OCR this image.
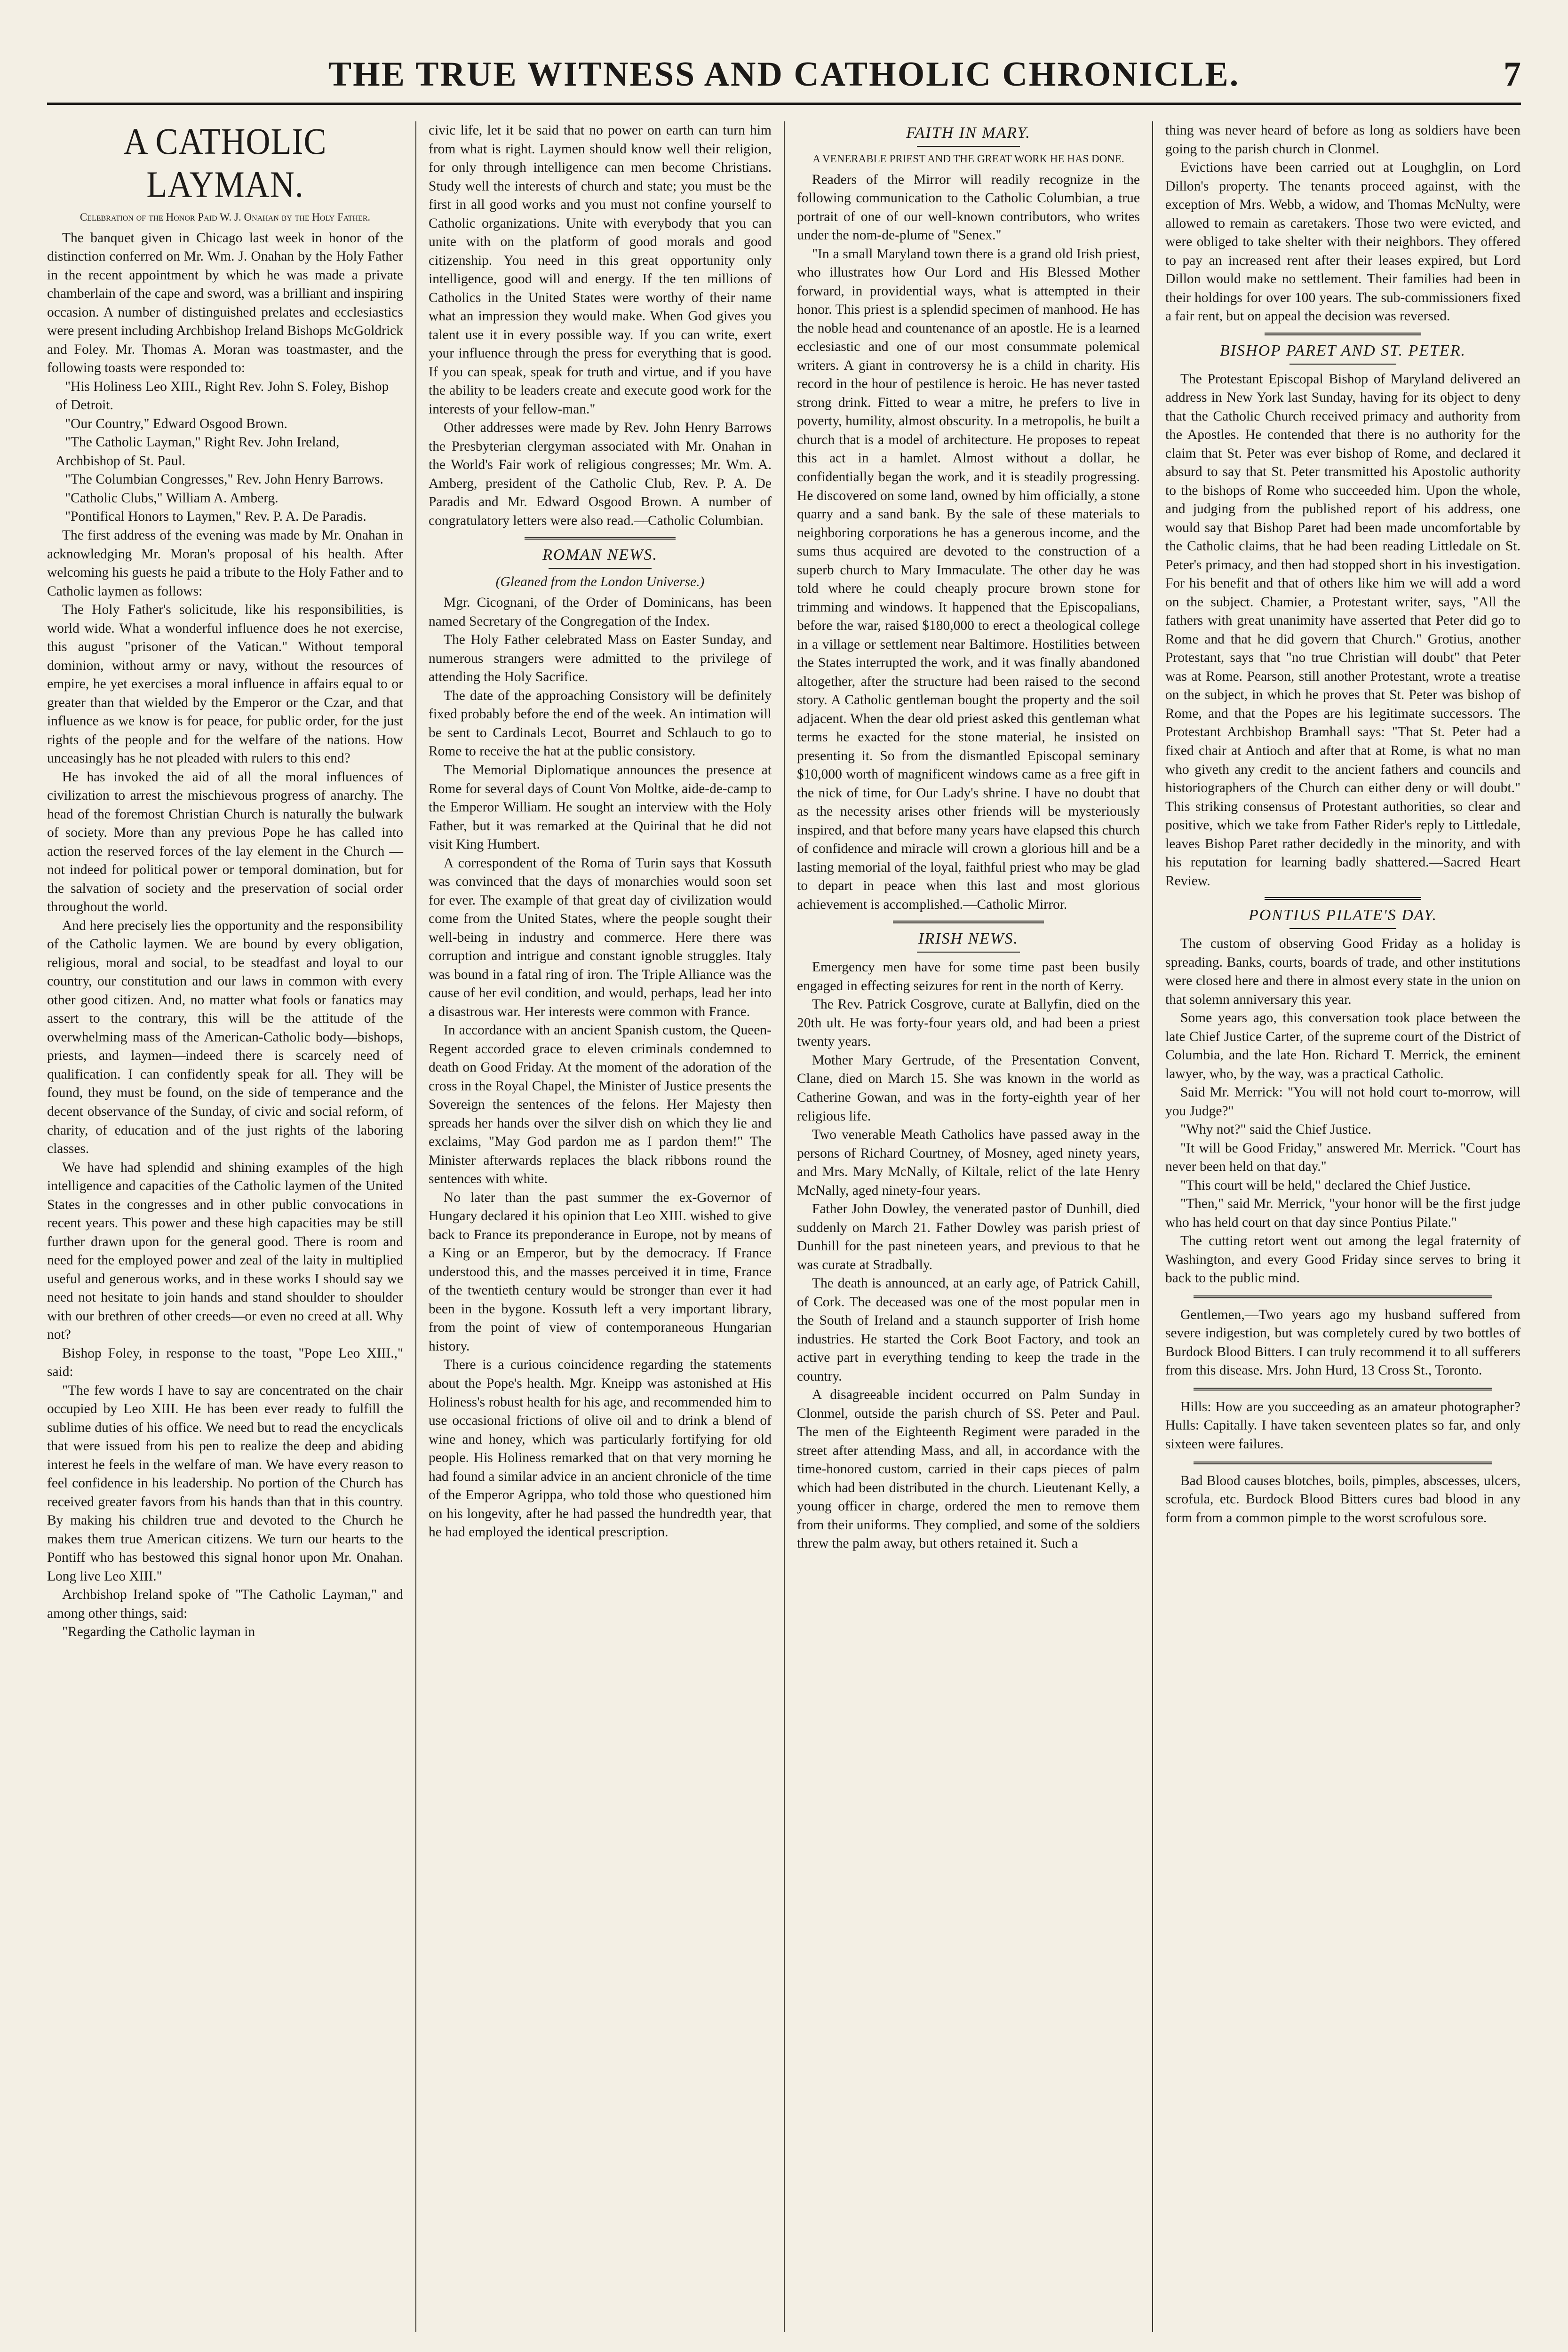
THE TRUE WITNESS AND CATHOLIC CHRONICLE.	7
A CATHOLIC LAYMAN.
Celebration of the Honor Paid W. J. Onahan by the Holy Father.

The banquet given in Chicago last week in honor of the distinction conferred on Mr. Wm. J. Onahan by the Holy Father in the recent appointment by which he was made a private chamberlain of the cape and sword, was a brilliant and inspiring occasion. A number of distinguished prelates and ecclesiastics were present including Archbishop Ireland Bishops McGoldrick and Foley. Mr. Thomas A. Moran was toastmaster, and the following toasts were responded to:

"His Holiness Leo XIII., Right Rev. John S. Foley, Bishop of Detroit.

"Our Country," Edward Osgood Brown.

"The Catholic Layman," Right Rev. John Ireland, Archbishop of St. Paul.

"The Columbian Congresses," Rev. John Henry Barrows.

"Catholic Clubs," William A. Amberg.

"Pontifical Honors to Laymen," Rev. P. A. De Paradis.

The first address of the evening was made by Mr. Onahan in acknowledging Mr. Moran's proposal of his health. After welcoming his guests he paid a tribute to the Holy Father and to Catholic laymen as follows:

The Holy Father's solicitude, like his responsibilities, is world wide. What a wonderful influence does he not exercise, this august "prisoner of the Vatican." Without temporal dominion, without army or navy, without the resources of empire, he yet exercises a moral influence in affairs equal to or greater than that wielded by the Emperor or the Czar, and that influence as we know is for peace, for public order, for the just rights of the people and for the welfare of the nations. How unceasingly has he not pleaded with rulers to this end?

He has invoked the aid of all the moral influences of civilization to arrest the mischievous progress of anarchy. The head of the foremost Christian Church is naturally the bulwark of society. More than any previous Pope he has called into action the reserved forces of the lay element in the Church —not indeed for political power or temporal domination, but for the salvation of society and the preservation of social order throughout the world.

And here precisely lies the opportunity and the responsibility of the Catholic laymen. We are bound by every obligation, religious, moral and social, to be steadfast and loyal to our country, our constitution and our laws in common with every other good citizen. And, no matter what fools or fanatics may assert to the contrary, this will be the attitude of the overwhelming mass of the American-Catholic body—bishops, priests, and laymen—indeed there is scarcely need of qualification. I can confidently speak for all. They will be found, they must be found, on the side of temperance and the decent observance of the Sunday, of civic and social reform, of charity, of education and of the just rights of the laboring classes.

We have had splendid and shining examples of the high intelligence and capacities of the Catholic laymen of the United States in the congresses and in other public convocations in recent years. This power and these high capacities may be still further drawn upon for the general good. There is room and need for the employed power and zeal of the laity in multiplied useful and generous works, and in these works I should say we need not hesitate to join hands and stand shoulder to shoulder with our brethren of other creeds—or even no creed at all. Why not?

Bishop Foley, in response to the toast, "Pope Leo XIII.," said:

"The few words I have to say are concentrated on the chair occupied by Leo XIII. He has been ever ready to fulfill the sublime duties of his office. We need but to read the encyclicals that were issued from his pen to realize the deep and abiding interest he feels in the welfare of man. We have every reason to feel confidence in his leadership. No portion of the Church has received greater favors from his hands than that in this country. By making his children true and devoted to the Church he makes them true American citizens. We turn our hearts to the Pontiff who has bestowed this signal honor upon Mr. Onahan. Long live Leo XIII."

Archbishop Ireland spoke of "The Catholic Layman," and among other things, said:

"Regarding the Catholic layman in

civic life, let it be said that no power on earth can turn him from what is right. Laymen should know well their religion, for only through intelligence can men become Christians. Study well the interests of church and state; you must be the first in all good works and you must not confine yourself to Catholic organizations. Unite with everybody that you can unite with on the platform of good morals and good citizenship. You need in this great opportunity only intelligence, good will and energy. If the ten millions of Catholics in the United States were worthy of their name what an impression they would make. When God gives you talent use it in every possible way. If you can write, exert your influence through the press for everything that is good. If you can speak, speak for truth and virtue, and if you have the ability to be leaders create and execute good work for the interests of your fellow-man."

Other addresses were made by Rev. John Henry Barrows the Presbyterian clergyman associated with Mr. Onahan in the World's Fair work of religious congresses; Mr. Wm. A. Amberg, president of the Catholic Club, Rev. P. A. De Paradis and Mr. Edward Osgood Brown. A number of congratulatory letters were also read.—Catholic Columbian.

ROMAN NEWS.
(Gleaned from the London Universe.)

Mgr. Cicognani, of the Order of Dominicans, has been named Secretary of the Congregation of the Index.

The Holy Father celebrated Mass on Easter Sunday, and numerous strangers were admitted to the privilege of attending the Holy Sacrifice.

The date of the approaching Consistory will be definitely fixed probably before the end of the week. An intimation will be sent to Cardinals Lecot, Bourret and Schlauch to go to Rome to receive the hat at the public consistory.

The Memorial Diplomatique announces the presence at Rome for several days of Count Von Moltke, aide-de-camp to the Emperor William. He sought an interview with the Holy Father, but it was remarked at the Quirinal that he did not visit King Humbert.

A correspondent of the Roma of Turin says that Kossuth was convinced that the days of monarchies would soon set for ever. The example of that great day of civilization would come from the United States, where the people sought their well-being in industry and commerce. Here there was corruption and intrigue and constant ignoble struggles. Italy was bound in a fatal ring of iron. The Triple Alliance was the cause of her evil condition, and would, perhaps, lead her into a disastrous war. Her interests were common with France.

In accordance with an ancient Spanish custom, the Queen-Regent accorded grace to eleven criminals condemned to death on Good Friday. At the moment of the adoration of the cross in the Royal Chapel, the Minister of Justice presents the Sovereign the sentences of the felons. Her Majesty then spreads her hands over the silver dish on which they lie and exclaims, "May God pardon me as I pardon them!" The Minister afterwards replaces the black ribbons round the sentences with white.

No later than the past summer the ex-Governor of Hungary declared it his opinion that Leo XIII. wished to give back to France its preponderance in Europe, not by means of a King or an Emperor, but by the democracy. If France understood this, and the masses perceived it in time, France of the twentieth century would be stronger than ever it had been in the bygone. Kossuth left a very important library, from the point of view of contemporaneous Hungarian history.

There is a curious coincidence regarding the statements about the Pope's health. Mgr. Kneipp was astonished at His Holiness's robust health for his age, and recommended him to use occasional frictions of olive oil and to drink a blend of wine and honey, which was particularly fortifying for old people. His Holiness remarked that on that very morning he had found a similar advice in an ancient chronicle of the time of the Emperor Agrippa, who told those who questioned him on his longevity, after he had passed the hundredth year, that he had employed the identical prescription.

FAITH IN MARY.
A VENERABLE PRIEST AND THE GREAT WORK HE HAS DONE.

Readers of the Mirror will readily recognize in the following communication to the Catholic Columbian, a true portrait of one of our well-known contributors, who writes under the nom-de-plume of "Senex."

"In a small Maryland town there is a grand old Irish priest, who illustrates how Our Lord and His Blessed Mother forward, in providential ways, what is attempted in their honor. This priest is a splendid specimen of manhood. He has the noble head and countenance of an apostle. He is a learned ecclesiastic and one of our most consummate polemical writers. A giant in controversy he is a child in charity. His record in the hour of pestilence is heroic. He has never tasted strong drink. Fitted to wear a mitre, he prefers to live in poverty, humility, almost obscurity. In a metropolis, he built a church that is a model of architecture. He proposes to repeat this act in a hamlet. Almost without a dollar, he confidentially began the work, and it is steadily progressing. He discovered on some land, owned by him officially, a stone quarry and a sand bank. By the sale of these materials to neighboring corporations he has a generous income, and the sums thus acquired are devoted to the construction of a superb church to Mary Immaculate. The other day he was told where he could cheaply procure brown stone for trimming and windows. It happened that the Episcopalians, before the war, raised $180,000 to erect a theological college in a village or settlement near Baltimore. Hostilities between the States interrupted the work, and it was finally abandoned altogether, after the structure had been raised to the second story. A Catholic gentleman bought the property and the soil adjacent. When the dear old priest asked this gentleman what terms he exacted for the stone material, he insisted on presenting it. So from the dismantled Episcopal seminary $10,000 worth of magnificent windows came as a free gift in the nick of time, for Our Lady's shrine. I have no doubt that as the necessity arises other friends will be mysteriously inspired, and that before many years have elapsed this church of confidence and miracle will crown a glorious hill and be a lasting memorial of the loyal, faithful priest who may be glad to depart in peace when this last and most glorious achievement is accomplished.—Catholic Mirror.

IRISH NEWS.

Emergency men have for some time past been busily engaged in effecting seizures for rent in the north of Kerry.

The Rev. Patrick Cosgrove, curate at Ballyfin, died on the 20th ult. He was forty-four years old, and had been a priest twenty years.

Mother Mary Gertrude, of the Presentation Convent, Clane, died on March 15. She was known in the world as Catherine Gowan, and was in the forty-eighth year of her religious life.

Two venerable Meath Catholics have passed away in the persons of Richard Courtney, of Mosney, aged ninety years, and Mrs. Mary McNally, of Kiltale, relict of the late Henry McNally, aged ninety-four years.

Father John Dowley, the venerated pastor of Dunhill, died suddenly on March 21. Father Dowley was parish priest of Dunhill for the past nineteen years, and previous to that he was curate at Stradbally.

The death is announced, at an early age, of Patrick Cahill, of Cork. The deceased was one of the most popular men in the South of Ireland and a staunch supporter of Irish home industries. He started the Cork Boot Factory, and took an active part in everything tending to keep the trade in the country.

A disagreeable incident occurred on Palm Sunday in Clonmel, outside the parish church of SS. Peter and Paul. The men of the Eighteenth Regiment were paraded in the street after attending Mass, and all, in accordance with the time-honored custom, carried in their caps pieces of palm which had been distributed in the church. Lieutenant Kelly, a young officer in charge, ordered the men to remove them from their uniforms. They complied, and some of the soldiers threw the palm away, but others retained it. Such a

thing was never heard of before as long as soldiers have been going to the parish church in Clonmel.

Evictions have been carried out at Loughglin, on Lord Dillon's property. The tenants proceed against, with the exception of Mrs. Webb, a widow, and Thomas McNulty, were allowed to remain as caretakers. Those two were evicted, and were obliged to take shelter with their neighbors. They offered to pay an increased rent after their leases expired, but Lord Dillon would make no settlement. Their families had been in their holdings for over 100 years. The sub-commissioners fixed a fair rent, but on appeal the decision was reversed.

BISHOP PARET AND ST. PETER.

The Protestant Episcopal Bishop of Maryland delivered an address in New York last Sunday, having for its object to deny that the Catholic Church received primacy and authority from the Apostles. He contended that there is no authority for the claim that St. Peter was ever bishop of Rome, and declared it absurd to say that St. Peter transmitted his Apostolic authority to the bishops of Rome who succeeded him. Upon the whole, and judging from the published report of his address, one would say that Bishop Paret had been made uncomfortable by the Catholic claims, that he had been reading Littledale on St. Peter's primacy, and then had stopped short in his investigation. For his benefit and that of others like him we will add a word on the subject. Chamier, a Protestant writer, says, "All the fathers with great unanimity have asserted that Peter did go to Rome and that he did govern that Church." Grotius, another Protestant, says that "no true Christian will doubt" that Peter was at Rome. Pearson, still another Protestant, wrote a treatise on the subject, in which he proves that St. Peter was bishop of Rome, and that the Popes are his legitimate successors. The Protestant Archbishop Bramhall says: "That St. Peter had a fixed chair at Antioch and after that at Rome, is what no man who giveth any credit to the ancient fathers and councils and historiographers of the Church can either deny or will doubt." This striking consensus of Protestant authorities, so clear and positive, which we take from Father Rider's reply to Littledale, leaves Bishop Paret rather decidedly in the minority, and with his reputation for learning badly shattered.—Sacred Heart Review.

PONTIUS PILATE'S DAY.

The custom of observing Good Friday as a holiday is spreading. Banks, courts, boards of trade, and other institutions were closed here and there in almost every state in the union on that solemn anniversary this year.

Some years ago, this conversation took place between the late Chief Justice Carter, of the supreme court of the District of Columbia, and the late Hon. Richard T. Merrick, the eminent lawyer, who, by the way, was a practical Catholic.

Said Mr. Merrick: "You will not hold court to-morrow, will you Judge?"

"Why not?" said the Chief Justice.

"It will be Good Friday," answered Mr. Merrick. "Court has never been held on that day."

"This court will be held," declared the Chief Justice.

"Then," said Mr. Merrick, "your honor will be the first judge who has held court on that day since Pontius Pilate."

The cutting retort went out among the legal fraternity of Washington, and every Good Friday since serves to bring it back to the public mind.

Gentlemen,—Two years ago my husband suffered from severe indigestion, but was completely cured by two bottles of Burdock Blood Bitters. I can truly recommend it to all sufferers from this disease. Mrs. John Hurd, 13 Cross St., Toronto.

Hills: How are you succeeding as an amateur photographer? Hulls: Capitally. I have taken seventeen plates so far, and only sixteen were failures.

Bad Blood causes blotches, boils, pimples, abscesses, ulcers, scrofula, etc. Burdock Blood Bitters cures bad blood in any form from a common pimple to the worst scrofulous sore.
